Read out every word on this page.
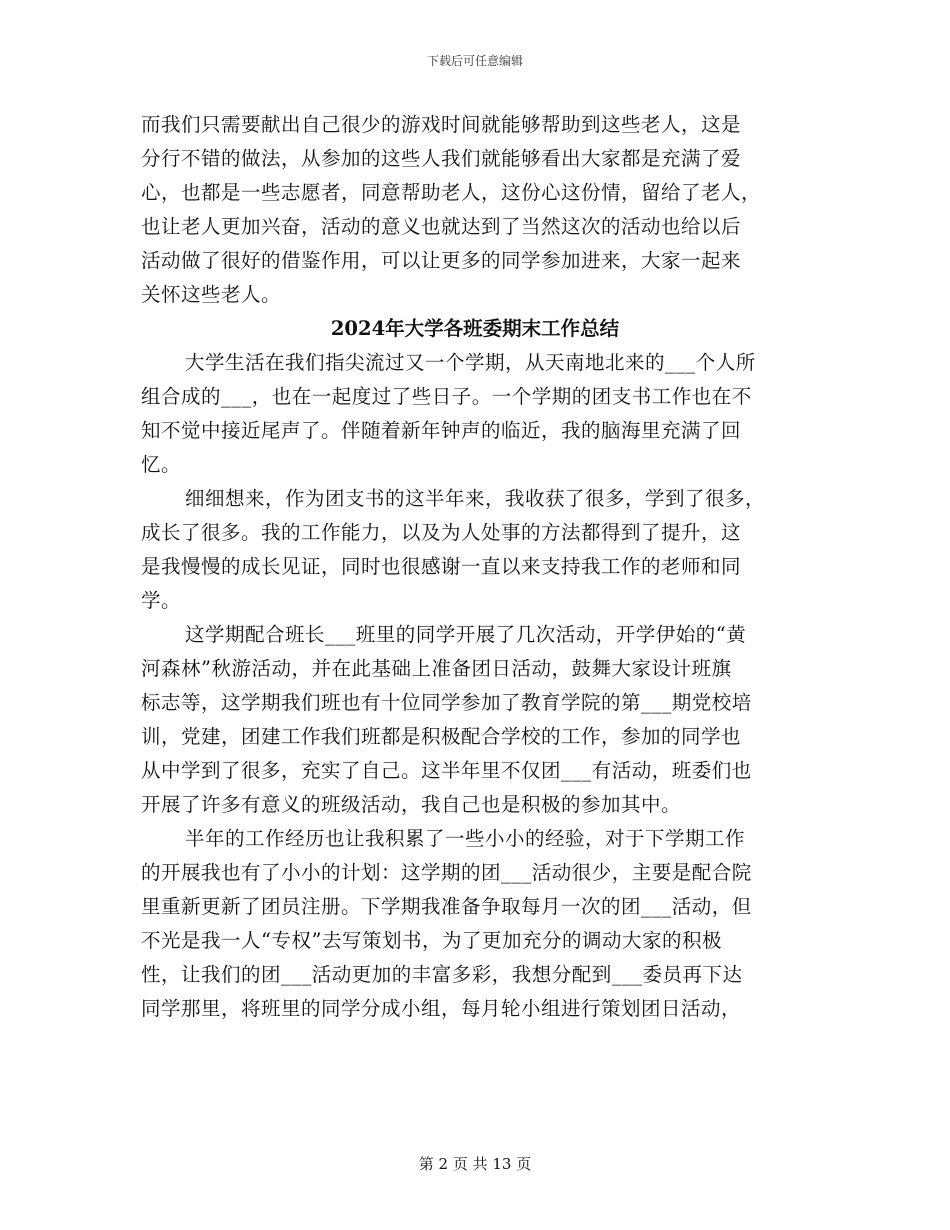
下载后可任意编辑
而我们只需要献出自己很少的游戏时间就能够帮助到这些老人，这是
分行不错的做法，从参加的这些人我们就能够看出大家都是充满了爱
心，也都是一些志愿者，同意帮助老人，这份心这份情，留给了老人，
也让老人更加兴奋，活动的意义也就达到了当然这次的活动也给以后
活动做了很好的借鉴作用，可以让更多的同学参加进来，大家一起来
关怀这些老人。
2024年大学各班委期末工作总结
大学生活在我们指尖流过又一个学期，从天南地北来的___个人所
组合成的___，也在一起度过了些日子。一个学期的团支书工作也在不
知不觉中接近尾声了。伴随着新年钟声的临近，我的脑海里充满了回
忆。
细细想来，作为团支书的这半年来，我收获了很多，学到了很多，
成长了很多。我的工作能力，以及为人处事的方法都得到了提升，这
是我慢慢的成长见证，同时也很感谢一直以来支持我工作的老师和同
学。
这学期配合班长___班里的同学开展了几次活动，开学伊始的“黄
河森林”秋游活动，并在此基础上准备团日活动，鼓舞大家设计班旗
标志等，这学期我们班也有十位同学参加了教育学院的第___期党校培
训，党建，团建工作我们班都是积极配合学校的工作，参加的同学也
从中学到了很多，充实了自己。这半年里不仅团___有活动，班委们也
开展了许多有意义的班级活动，我自己也是积极的参加其中。
半年的工作经历也让我积累了一些小小的经验，对于下学期工作
的开展我也有了小小的计划：这学期的团___活动很少，主要是配合院
里重新更新了团员注册。下学期我准备争取每月一次的团___活动，但
不光是我一人“专权”去写策划书，为了更加充分的调动大家的积极
性，让我们的团___活动更加的丰富多彩，我想分配到___委员再下达
同学那里，将班里的同学分成小组，每月轮小组进行策划团日活动，
第 2 页 共 13 页
